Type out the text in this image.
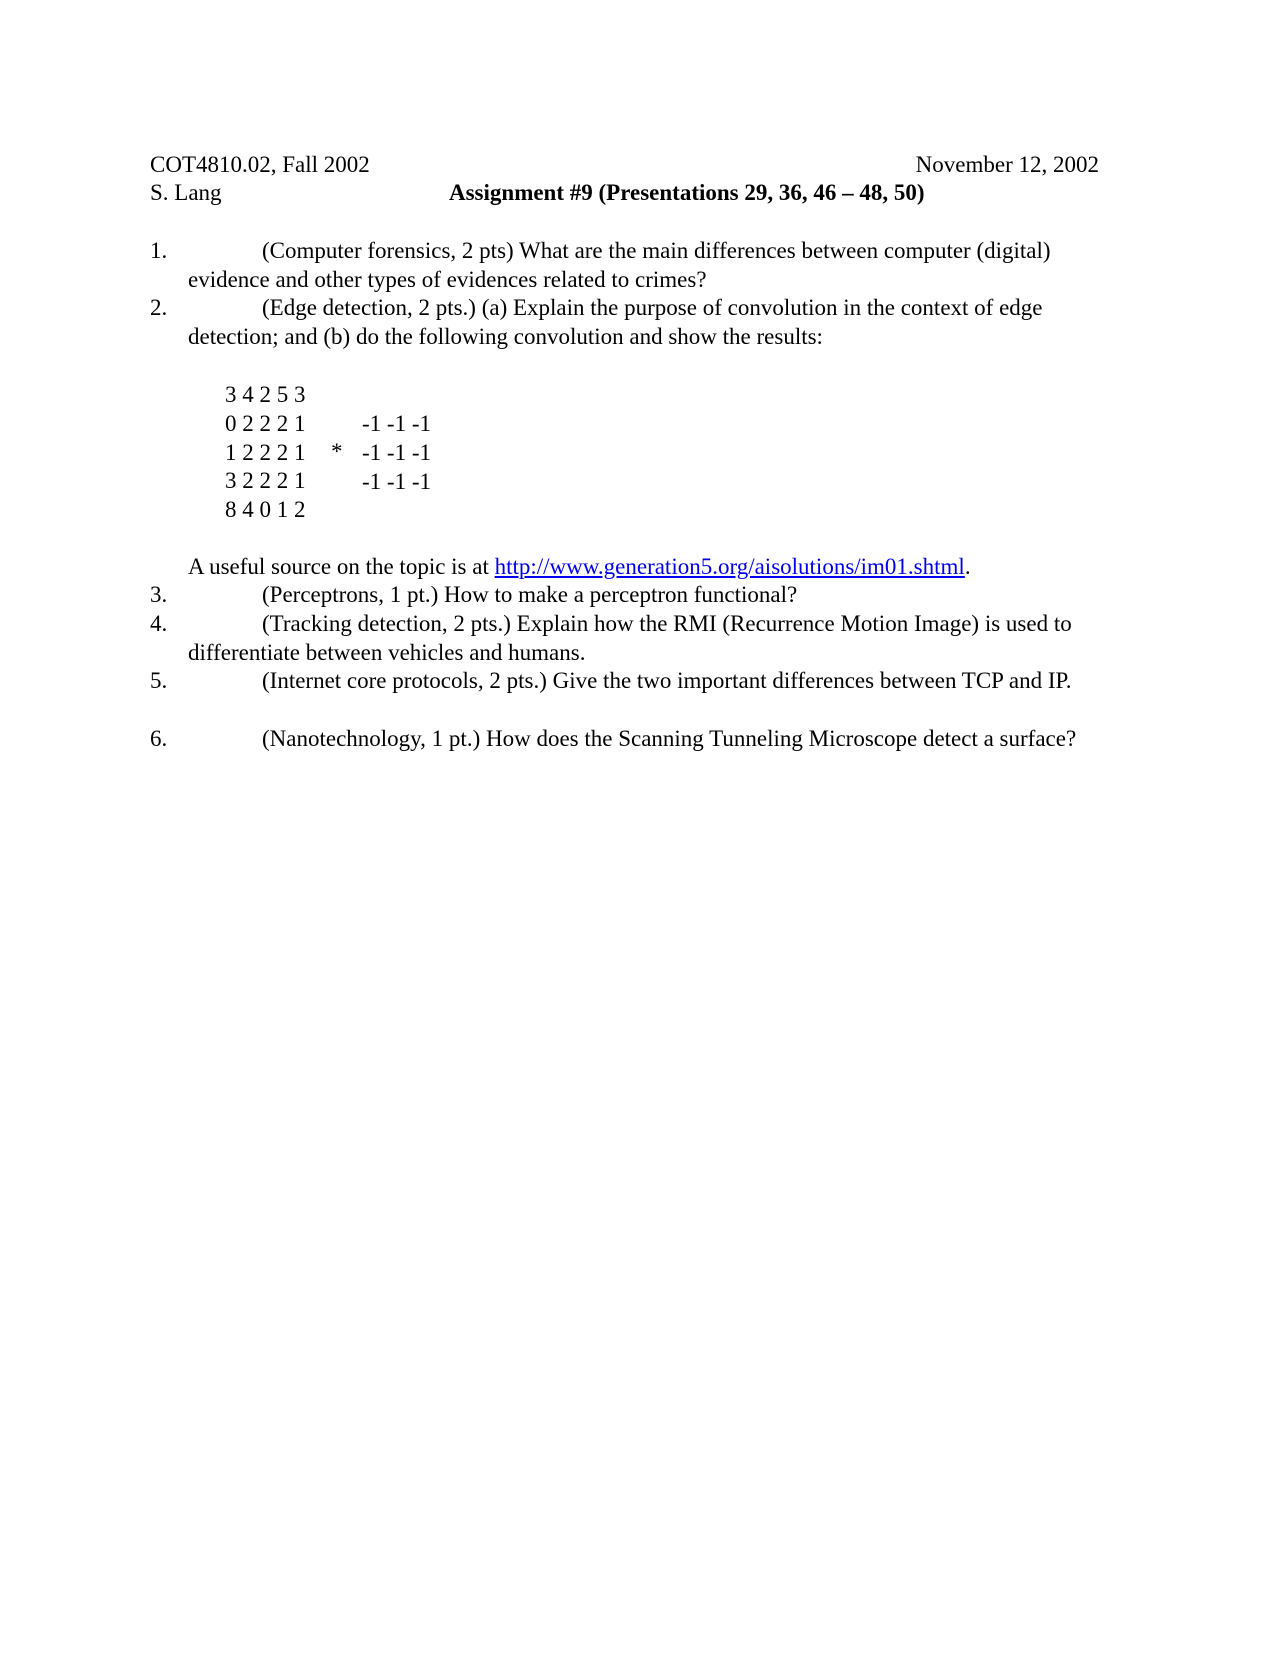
COT4810.02, Fall 2002	November 12, 2002
S. Lang	Assignment #9 (Presentations 29, 36, 46 – 48, 50)
1.	(Computer forensics, 2 pts) What are the main differences between computer (digital) evidence and other types of evidences related to crimes?
2.	(Edge detection, 2 pts.) (a) Explain the purpose of convolution in the context of edge detection; and (b) do the following convolution and show the results:
3 4 2 5 3
0 2 2 2 1
1 2 2 2 1
3 2 2 2 1
8 4 0 1 2
*
-1 -1 -1
-1 -1 -1
-1 -1 -1
A useful source on the topic is at http://www.generation5.org/aisolutions/im01.shtml.
3.	(Perceptrons, 1 pt.) How to make a perceptron functional?
4.	(Tracking detection, 2 pts.) Explain how the RMI (Recurrence Motion Image) is used to differentiate between vehicles and humans.
5.	(Internet core protocols, 2 pts.) Give the two important differences between TCP and IP.
6.	(Nanotechnology, 1 pt.) How does the Scanning Tunneling Microscope detect a surface?
